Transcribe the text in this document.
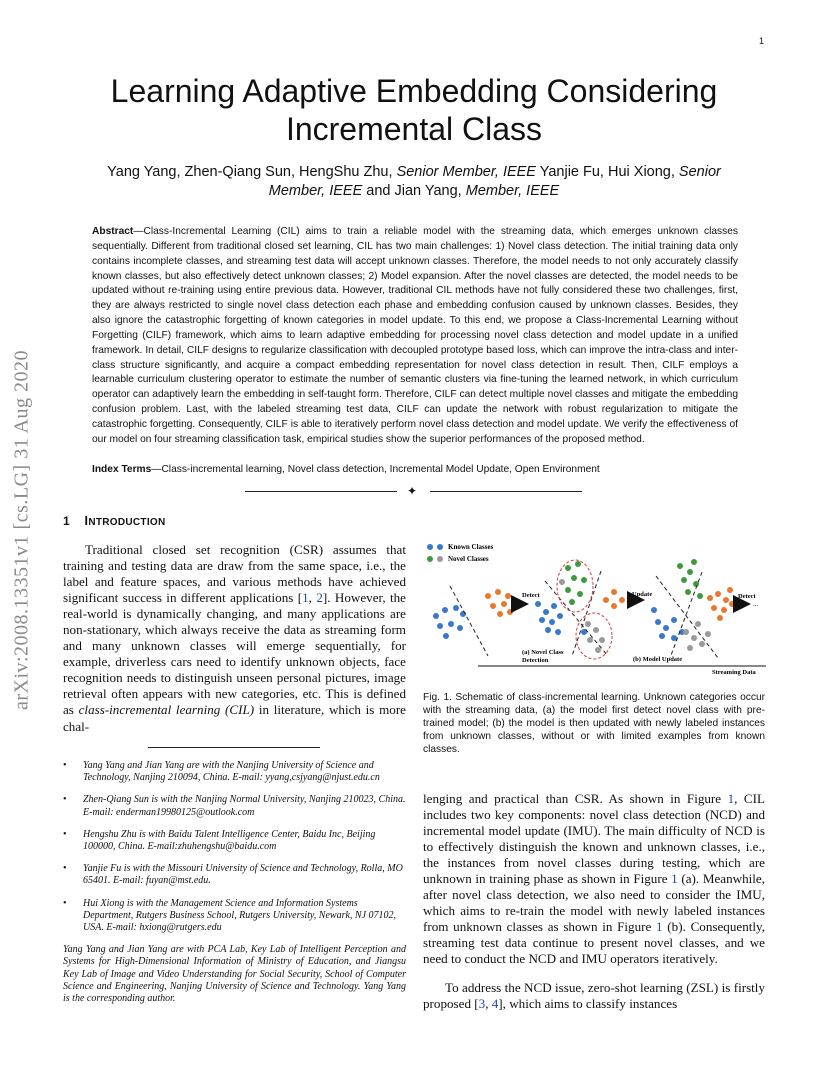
1
arXiv:2008.13351v1 [cs.LG] 31 Aug 2020
Learning Adaptive Embedding Considering
Incremental Class
Yang Yang, Zhen-Qiang Sun, HengShu Zhu, Senior Member, IEEE Yanjie Fu, Hui Xiong, Senior
Member, IEEE and Jian Yang, Member, IEEE

Abstract—Class-Incremental Learning (CIL) aims to train a reliable model with the streaming data, which emerges unknown classes sequentially. Different from traditional closed set learning, CIL has two main challenges: 1) Novel class detection. The initial training data only contains incomplete classes, and streaming test data will accept unknown classes. Therefore, the model needs to not only accurately classify known classes, but also effectively detect unknown classes; 2) Model expansion. After the novel classes are detected, the model needs to be updated without re-training using entire previous data. However, traditional CIL methods have not fully considered these two challenges, first, they are always restricted to single novel class detection each phase and embedding confusion caused by unknown classes. Besides, they also ignore the catastrophic forgetting of known categories in model update. To this end, we propose a Class-Incremental Learning without Forgetting (CILF) framework, which aims to learn adaptive embedding for processing novel class detection and model update in a unified framework. In detail, CILF designs to regularize classification with decoupled prototype based loss, which can improve the intra-class and inter-class structure significantly, and acquire a compact embedding representation for novel class detection in result. Then, CILF employs a learnable curriculum clustering operator to estimate the number of semantic clusters via fine-tuning the learned network, in which curriculum operator can adaptively learn the embedding in self-taught form. Therefore, CILF can detect multiple novel classes and mitigate the embedding confusion problem. Last, with the labeled streaming test data, CILF can update the network with robust regularization to mitigate the catastrophic forgetting. Consequently, CILF is able to iteratively perform novel class detection and model update. We verify the effectiveness of our model on four streaming classification task, empirical studies show the superior performances of the proposed method.

Index Terms—Class-incremental learning, Novel class detection, Incremental Model Update, Open Environment

✦
1 INTRODUCTION

Traditional closed set recognition (CSR) assumes that training and testing data are draw from the same space, i.e., the label and feature spaces, and various methods have achieved significant success in different applications [1, 2]. However, the real-world is dynamically changing, and many applications are non-stationary, which always receive the data as streaming form and many unknown classes will emerge sequentially, for example, driverless cars need to identify unknown objects, face recognition needs to distinguish unseen personal pictures, image retrieval often appears with new categories, etc. This is defined as class-incremental learning (CIL) in literature, which is more chal-

• Yang Yang and Jian Yang are with the Nanjing University of Science and Technology, Nanjing 210094, China. E-mail: yyang,csjyang@njust.edu.cn

• Zhen-Qiang Sun is with the Nanjing Normal University, Nanjing 210023, China. E-mail: enderman19980125@outlook.com

• Hengshu Zhu is with Baidu Talent Intelligence Center, Baidu Inc, Beijing 100000, China. E-mail:zhuhengshu@baidu.com

• Yanjie Fu is with the Missouri University of Science and Technology, Rolla, MO 65401. E-mail: fuyan@mst.edu.

• Hui Xiong is with the Management Science and Information Systems Department, Rutgers Business School, Rutgers University, Newark, NJ 07102, USA. E-mail: hxiong@rutgers.edu

Yang Yang and Jian Yang are with PCA Lab, Key Lab of Intelligent Perception and Systems for High-Dimensional Information of Ministry of Education, and Jiangsu Key Lab of Image and Video Understanding for Social Security, School of Computer Science and Engineering, Nanjing University of Science and Technology. Yang Yang is the corresponding author.

Known Classes
Novel Classes
Detect	Update	Detect
...
(a) Novel Class
Detection	(b) Model Update
Streaming Data

Fig. 1. Schematic of class-incremental learning. Unknown categories occur with the streaming data, (a) the model first detect novel class with pre-trained model; (b) the model is then updated with newly labeled instances from unknown classes, without or with limited examples from known classes.

lenging and practical than CSR. As shown in Figure 1, CIL includes two key components: novel class detection (NCD) and incremental model update (IMU). The main difficulty of NCD is to effectively distinguish the known and unknown classes, i.e., the instances from novel classes during testing, which are unknown in training phase as shown in Figure 1 (a). Meanwhile, after novel class detection, we also need to consider the IMU, which aims to re-train the model with newly labeled instances from unknown classes as shown in Figure 1 (b). Consequently, streaming test data continue to present novel classes, and we need to conduct the NCD and IMU operators iteratively.

To address the NCD issue, zero-shot learning (ZSL) is firstly proposed [3, 4], which aims to classify instances
